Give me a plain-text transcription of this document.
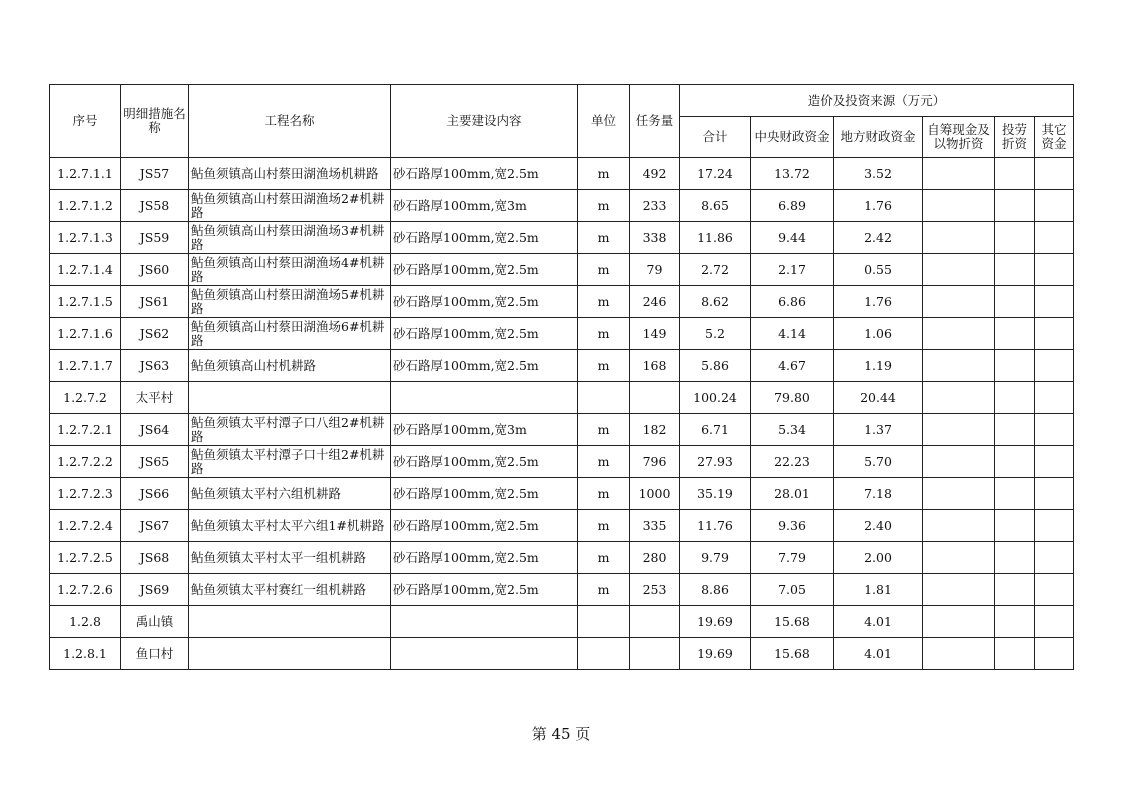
序号	明细措施名称	工程名称	主要建设内容	单位	任务量	造价及投资来源（万元）					
						合计	中央财政资金	地方财政资金	自筹现金及以物折资	投劳折资	其它资金
1.2.7.1.1	JS57	鲇鱼须镇高山村蔡田湖渔场机耕路	砂石路厚100mm,宽2.5m	m	492	17.24	13.72	3.52			
1.2.7.1.2	JS58	鲇鱼须镇高山村蔡田湖渔场2#机耕路	砂石路厚100mm,宽3m	m	233	8.65	6.89	1.76			
1.2.7.1.3	JS59	鲇鱼须镇高山村蔡田湖渔场3#机耕路	砂石路厚100mm,宽2.5m	m	338	11.86	9.44	2.42			
1.2.7.1.4	JS60	鲇鱼须镇高山村蔡田湖渔场4#机耕路	砂石路厚100mm,宽2.5m	m	79	2.72	2.17	0.55			
1.2.7.1.5	JS61	鲇鱼须镇高山村蔡田湖渔场5#机耕路	砂石路厚100mm,宽2.5m	m	246	8.62	6.86	1.76			
1.2.7.1.6	JS62	鲇鱼须镇高山村蔡田湖渔场6#机耕路	砂石路厚100mm,宽2.5m	m	149	5.2	4.14	1.06			
1.2.7.1.7	JS63	鲇鱼须镇高山村机耕路	砂石路厚100mm,宽2.5m	m	168	5.86	4.67	1.19			
1.2.7.2	太平村					100.24	79.80	20.44			
1.2.7.2.1	JS64	鲇鱼须镇太平村潭子口八组2#机耕路	砂石路厚100mm,宽3m	m	182	6.71	5.34	1.37			
1.2.7.2.2	JS65	鲇鱼须镇太平村潭子口十组2#机耕路	砂石路厚100mm,宽2.5m	m	796	27.93	22.23	5.70			
1.2.7.2.3	JS66	鲇鱼须镇太平村六组机耕路	砂石路厚100mm,宽2.5m	m	1000	35.19	28.01	7.18			
1.2.7.2.4	JS67	鲇鱼须镇太平村太平六组1#机耕路	砂石路厚100mm,宽2.5m	m	335	11.76	9.36	2.40			
1.2.7.2.5	JS68	鲇鱼须镇太平村太平一组机耕路	砂石路厚100mm,宽2.5m	m	280	9.79	7.79	2.00			
1.2.7.2.6	JS69	鲇鱼须镇太平村赛红一组机耕路	砂石路厚100mm,宽2.5m	m	253	8.86	7.05	1.81			
1.2.8	禹山镇					19.69	15.68	4.01			
1.2.8.1	鱼口村					19.69	15.68	4.01			
第 45 页
